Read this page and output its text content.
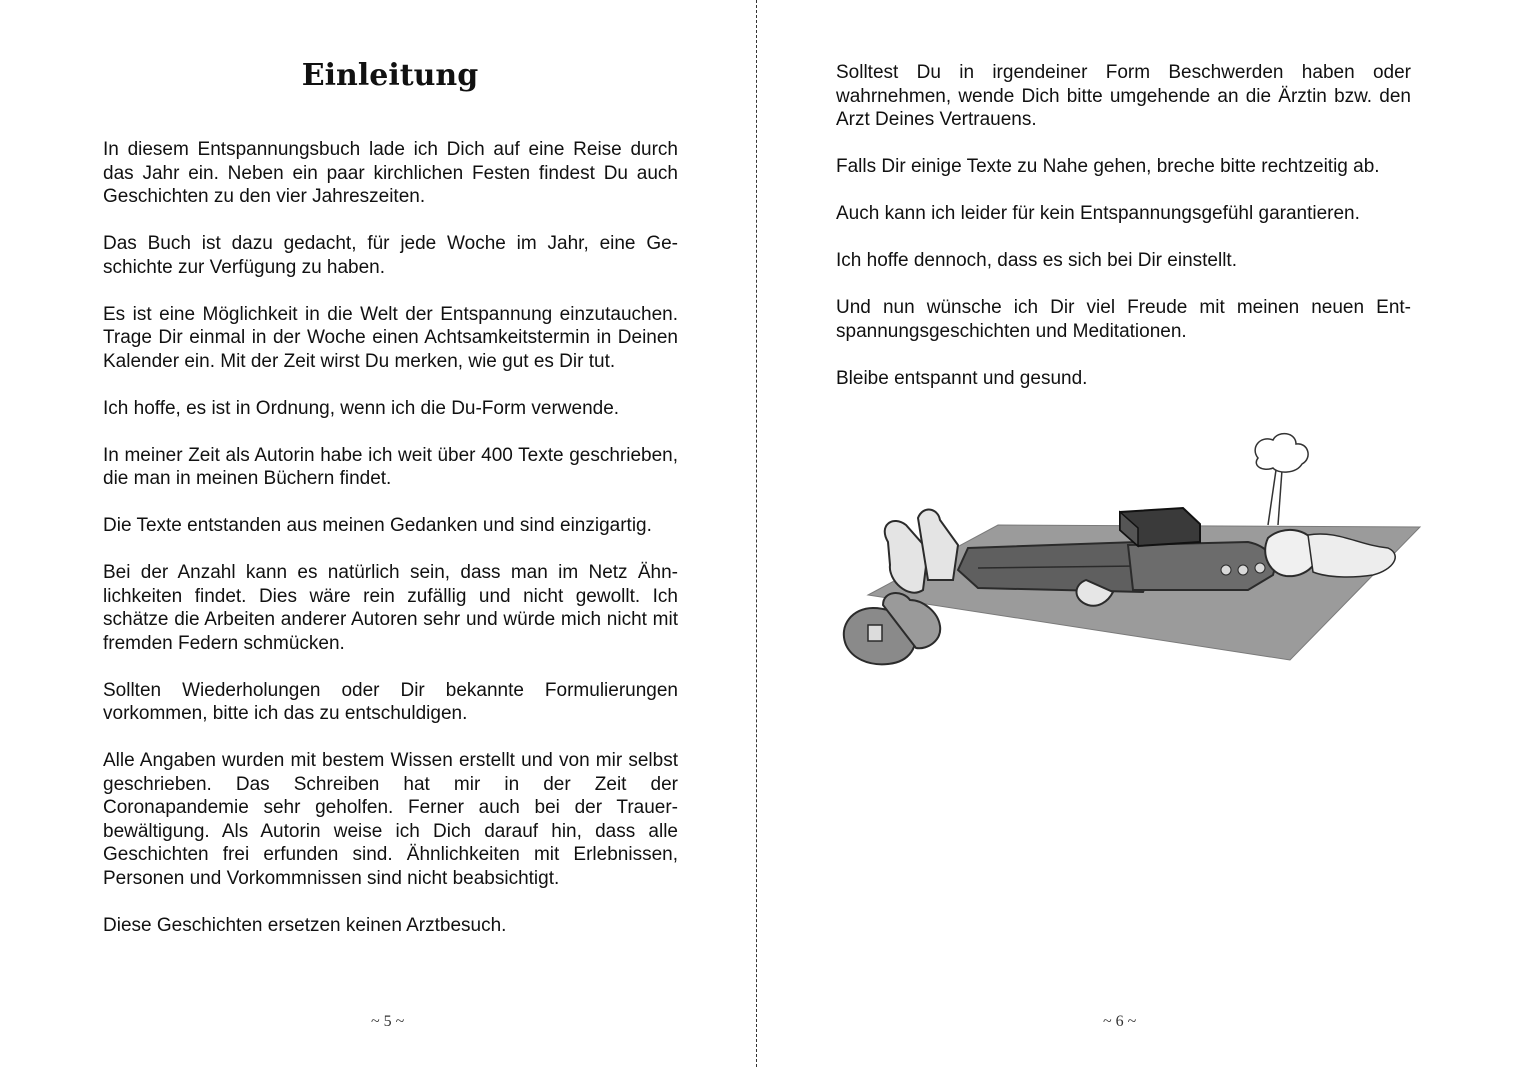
Einleitung

In diesem Entspannungsbuch lade ich Dich auf eine Reise durch das Jahr ein. Neben ein paar kirchlichen Festen findest Du auch Geschichten zu den vier Jahreszeiten.

Das Buch ist dazu gedacht, für jede Woche im Jahr, eine Geschichte zur Verfügung zu haben.

Es ist eine Möglichkeit in die Welt der Entspannung einzutauchen. Trage Dir einmal in der Woche einen Achtsamkeitstermin in Deinen Kalender ein. Mit der Zeit wirst Du merken, wie gut es Dir tut.

Ich hoffe, es ist in Ordnung, wenn ich die Du-Form verwende.

In meiner Zeit als Autorin habe ich weit über 400 Texte geschrieben, die man in meinen Büchern findet.

Die Texte entstanden aus meinen Gedanken und sind einzigartig.

Bei der Anzahl kann es natürlich sein, dass man im Netz Ähnlichkeiten findet. Dies wäre rein zufällig und nicht gewollt. Ich schätze die Arbeiten anderer Autoren sehr und würde mich nicht mit fremden Federn schmücken.

Sollten Wiederholungen oder Dir bekannte Formulierungen vorkommen, bitte ich das zu entschuldigen.

Alle Angaben wurden mit bestem Wissen erstellt und von mir selbst geschrieben. Das Schreiben hat mir in der Zeit der Coronapandemie sehr geholfen. Ferner auch bei der Trauerbewältigung. Als Autorin weise ich Dich darauf hin, dass alle Geschichten frei erfunden sind. Ähnlichkeiten mit Erlebnissen, Personen und Vorkommnissen sind nicht beabsichtigt.

Diese Geschichten ersetzen keinen Arztbesuch.

~ 5 ~

Solltest Du in irgendeiner Form Beschwerden haben oder wahrnehmen, wende Dich bitte umgehende an die Ärztin bzw. den Arzt Deines Vertrauens.

Falls Dir einige Texte zu Nahe gehen, breche bitte rechtzeitig ab.

Auch kann ich leider für kein Entspannungsgefühl garantieren.

Ich hoffe dennoch, dass es sich bei Dir einstellt.

Und nun wünsche ich Dir viel Freude mit meinen neuen Entspannungsgeschichten und Meditationen.

Bleibe entspannt und gesund.

~ 6 ~
